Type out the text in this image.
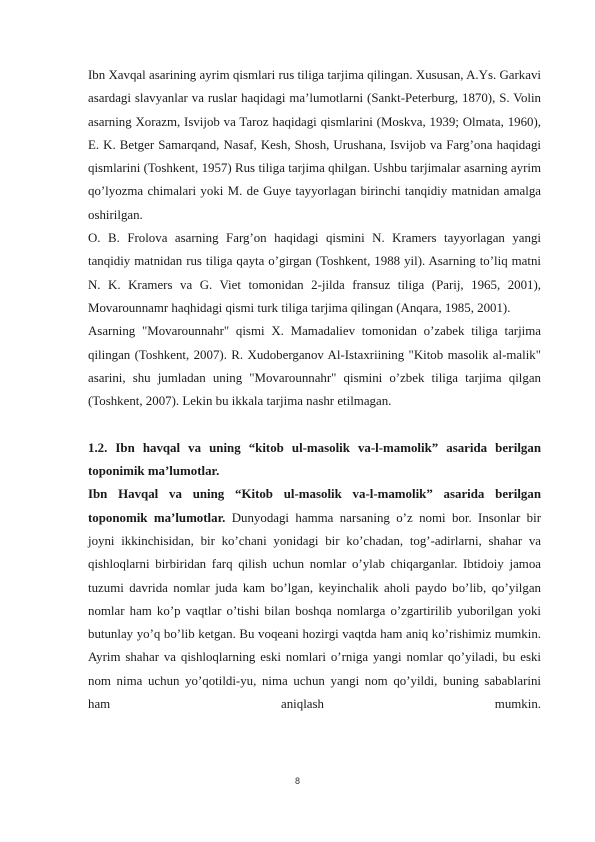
Ibn Xavqal asarining ayrim qismlari rus tiliga tarjima qilingan. Xususan, A.Ys. Garkavi asardagi slavyanlar va ruslar haqidagi ma’lumotlarni (Sankt-Peterburg, 1870), S. Volin asarning Xorazm, Isvijob va Taroz haqidagi qismlarini (Moskva, 1939; Olmata, 1960), E. K. Betger Samarqand, Nasaf, Kesh, Shosh, Urushana, Isvijob va Farg’ona haqidagi qismlarini (Toshkent, 1957) Rus tiliga tarjima qhilgan. Ushbu tarjimalar asarning ayrim qo’lyozma chimalari yoki M. de Guye tayyorlagan birinchi tanqidiy matnidan amalga oshirilgan.

O. B. Frolova asarning Farg’on haqidagi qismini N. Kramers tayyorlagan yangi tanqidiy matnidan rus tiliga qayta o’girgan (Toshkent, 1988 yil). Asarning to’liq matni N. K. Kramers va G. Viet tomonidan 2-jilda fransuz tiliga (Parij, 1965, 2001), Movarounnamr haqhidagi qismi turk tiliga tarjima qilingan (Anqara, 1985, 2001).

Asarning "Movarounnahr" qismi X. Mamadaliev tomonidan o’zabek tiliga tarjima qilingan (Toshkent, 2007). R. Xudoberganov Al-Istaxriining "Kitob masolik al-malik" asarini, shu jumladan uning "Movarounnahr" qismini o’zbek tiliga tarjima qilgan (Toshkent, 2007). Lekin bu ikkala tarjima nashr etilmagan.

1.2. Ibn havqal va uning “kitob ul-masolik va-l-mamolik” asarida berilgan toponimik ma’lumotlar.

Ibn Havqal va uning “Kitob ul-masolik va-l-mamolik” asarida berilgan toponomik ma’lumotlar. Dunyodagi hamma narsaning o’z nomi bor. Insonlar bir joyni ikkinchisidan, bir ko’chani yonidagi bir ko’chadan, tog’-adirlarni, shahar va qishloqlarni birbiridan farq qilish uchun nomlar o’ylab chiqarganlar. Ibtidoiy jamoa tuzumi davrida nomlar juda kam bo’lgan, keyinchalik aholi paydo bo’lib, qo’yilgan nomlar ham ko’p vaqtlar o’tishi bilan boshqa nomlarga o’zgartirilib yuborilgan yoki butunlay yo’q bo’lib ketgan. Bu voqeani hozirgi vaqtda ham aniq ko’rishimiz mumkin. Ayrim shahar va qishloqlarning eski nomlari o’rniga yangi nomlar qo’yiladi, bu eski nom nima uchun yo’qotildi-yu, nima uchun yangi nom qo’yildi, buning sabablarini ham aniqlash mumkin.

8
